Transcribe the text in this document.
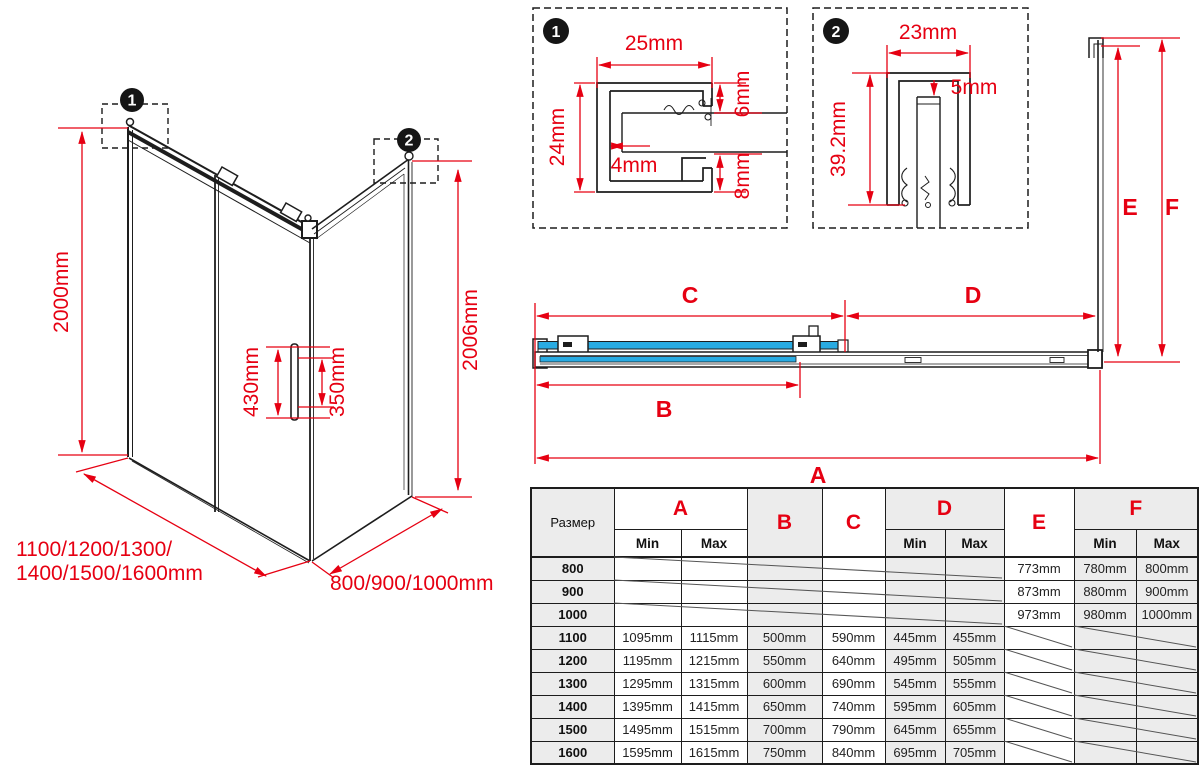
2000mm	2006mm
430mm	350mm
1100/1200/1300/
1400/1500/1600mm	800/900/1000mm
1
2
1	25mm
24mm
6mm
4mm	8mm
2	23mm
39.2mm
5mm
C	D
B
A
E F
Размер	A		B	C	D		E	F	
	Min	Max			Min	Max		Min	Max
800							773mm	780mm	800mm
900							873mm	880mm	900mm
1000							973mm	980mm	1000mm
1100	1095mm	1115mm	500mm	590mm	445mm	455mm			
1200	1195mm	1215mm	550mm	640mm	495mm	505mm			
1300	1295mm	1315mm	600mm	690mm	545mm	555mm			
1400	1395mm	1415mm	650mm	740mm	595mm	605mm			
1500	1495mm	1515mm	700mm	790mm	645mm	655mm			
1600	1595mm	1615mm	750mm	840mm	695mm	705mm			
